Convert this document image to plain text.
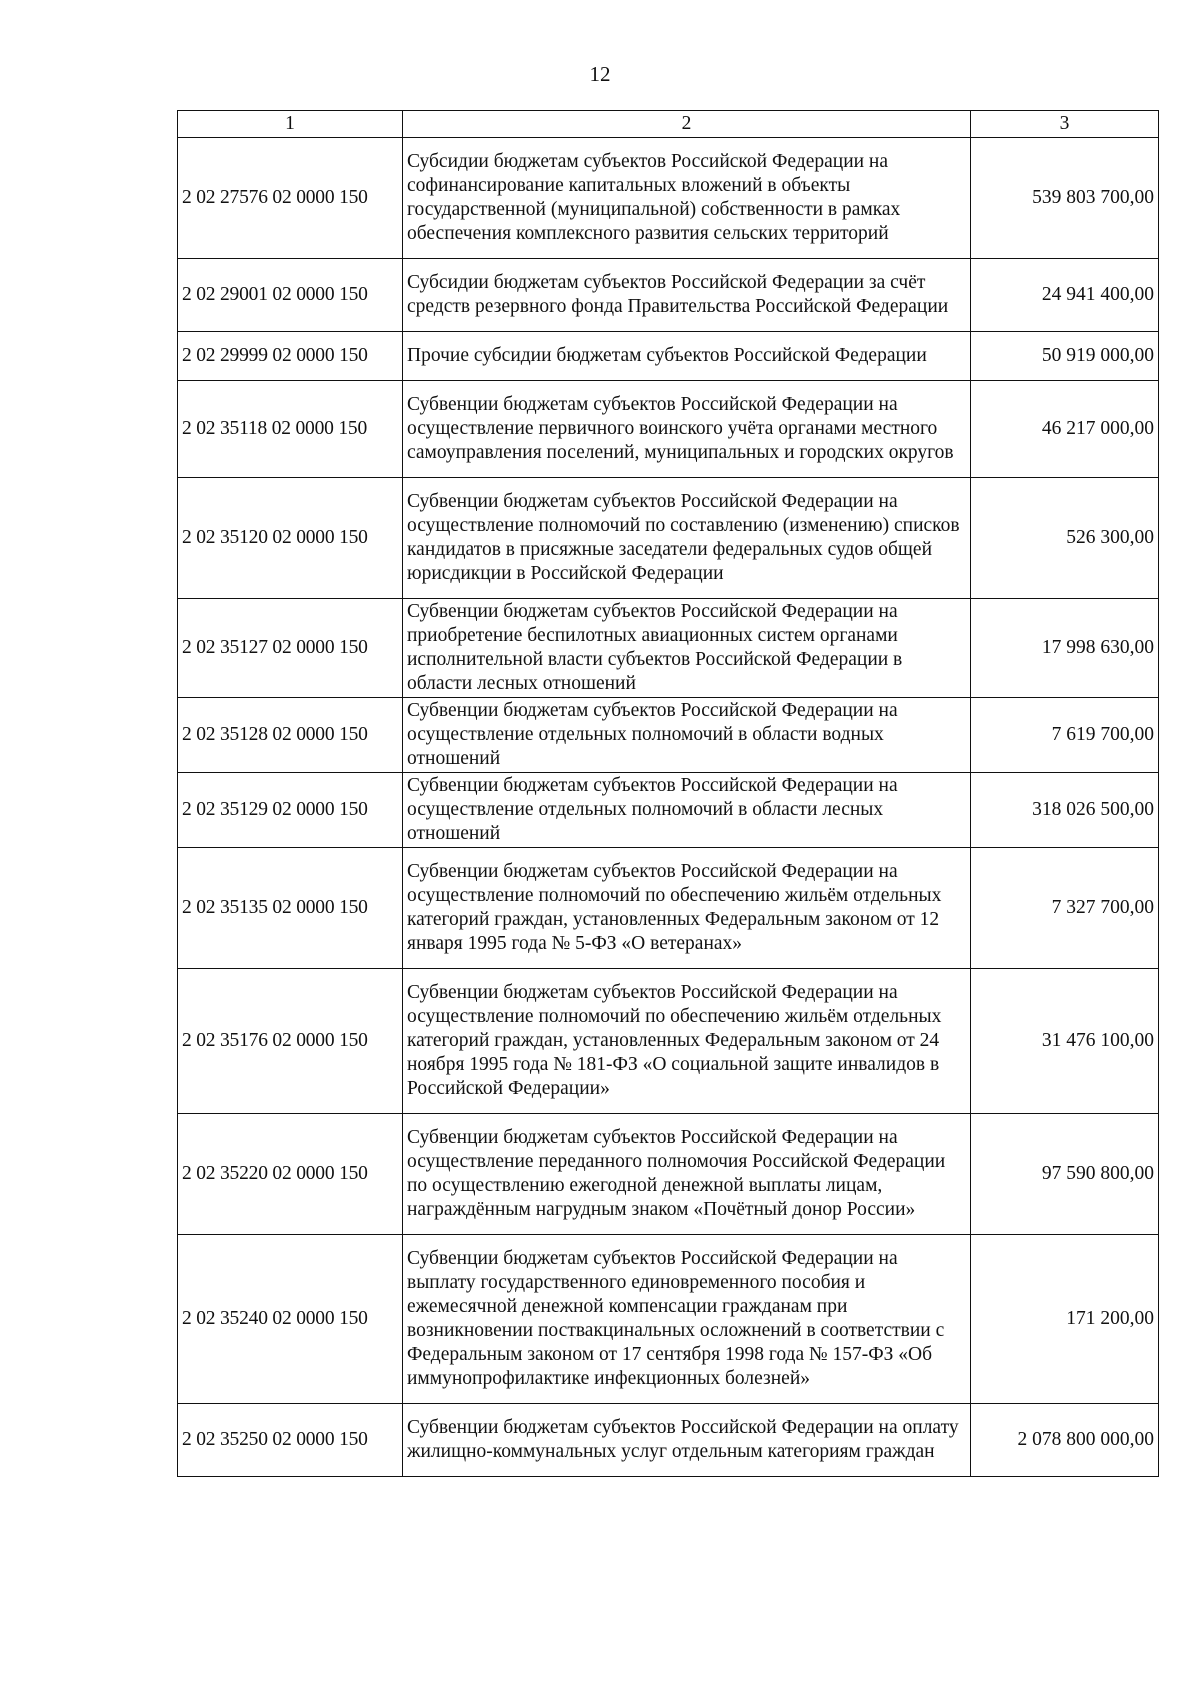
12
1	2	3
2 02 27576 02 0000 150	Субсидии бюджетам субъектов Российской Федерации на софинансирование капитальных вложений в объекты государственной (муниципальной) собственности в рамках обеспечения комплексного развития сельских территорий	539 803 700,00
2 02 29001 02 0000 150	Субсидии бюджетам субъектов Российской Федерации за счёт средств резервного фонда Правительства Российской Федерации	24 941 400,00
2 02 29999 02 0000 150	Прочие субсидии бюджетам субъектов Российской Федерации	50 919 000,00
2 02 35118 02 0000 150	Субвенции бюджетам субъектов Российской Федерации на осуществление первичного воинского учёта органами местного самоуправления поселений, муниципальных и городских округов	46 217 000,00
2 02 35120 02 0000 150	Субвенции бюджетам субъектов Российской Федерации на осуществление полномочий по составлению (изменению) списков кандидатов в присяжные заседатели федеральных судов общей юрисдикции в Российской Федерации	526 300,00
2 02 35127 02 0000 150	Субвенции бюджетам субъектов Российской Федерации на приобретение беспилотных авиационных систем органами исполнительной власти субъектов Российской Федерации в области лесных отношений	17 998 630,00
2 02 35128 02 0000 150	Субвенции бюджетам субъектов Российской Федерации на осуществление отдельных полномочий в области водных отношений	7 619 700,00
2 02 35129 02 0000 150	Субвенции бюджетам субъектов Российской Федерации на осуществление отдельных полномочий в области лесных отношений	318 026 500,00
2 02 35135 02 0000 150	Субвенции бюджетам субъектов Российской Федерации на осуществление полномочий по обеспечению жильём отдельных категорий граждан, установленных Федеральным законом от 12 января 1995 года № 5-ФЗ «О ветеранах»	7 327 700,00
2 02 35176 02 0000 150	Субвенции бюджетам субъектов Российской Федерации на осуществление полномочий по обеспечению жильём отдельных категорий граждан, установленных Федеральным законом от 24 ноября 1995 года № 181-ФЗ «О социальной защите инвалидов в Российской Федерации»	31 476 100,00
2 02 35220 02 0000 150	Субвенции бюджетам субъектов Российской Федерации на осуществление переданного полномочия Российской Федерации по осуществлению ежегодной денежной выплаты лицам, награждённым нагрудным знаком «Почётный донор России»	97 590 800,00
2 02 35240 02 0000 150	Субвенции бюджетам субъектов Российской Федерации на выплату государственного единовременного пособия и ежемесячной денежной компенсации гражданам при возникновении поствакцинальных осложнений в соответствии с Федеральным законом от 17 сентября 1998 года № 157-ФЗ «Об иммунопрофилактике инфекционных болезней»	171 200,00
2 02 35250 02 0000 150	Субвенции бюджетам субъектов Российской Федерации на оплату жилищно-коммунальных услуг отдельным категориям граждан	2 078 800 000,00
